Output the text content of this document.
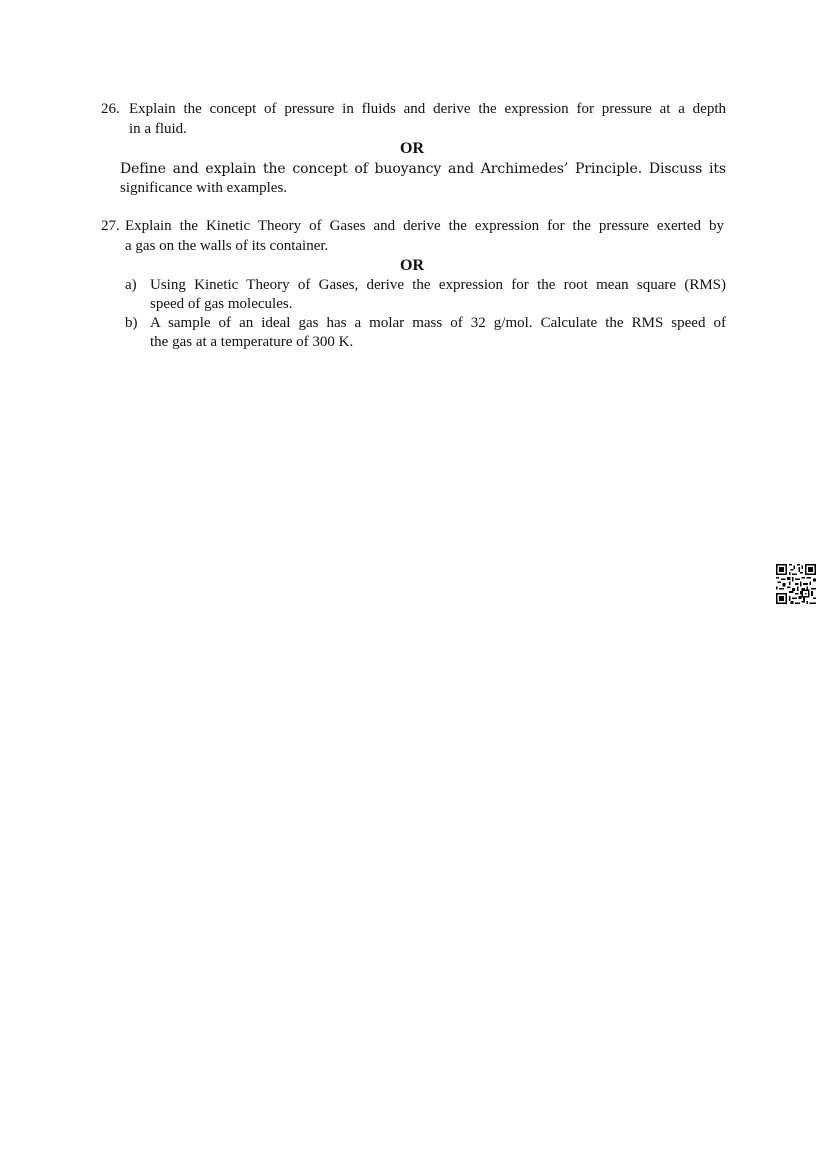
26. Explain the concept of pressure in fluids and derive the expression for pressure at a depth
in a fluid.
OR
Define and explain the concept of buoyancy and Archimedes’ Principle. Discuss its
significance with examples.
27. Explain the Kinetic Theory of Gases and derive the expression for the pressure exerted by
a gas on the walls of its container.
OR
a) Using Kinetic Theory of Gases, derive the expression for the root mean square (RMS)
speed of gas molecules.
b) A sample of an ideal gas has a molar mass of 32 g/mol. Calculate the RMS speed of
the gas at a temperature of 300 K.
